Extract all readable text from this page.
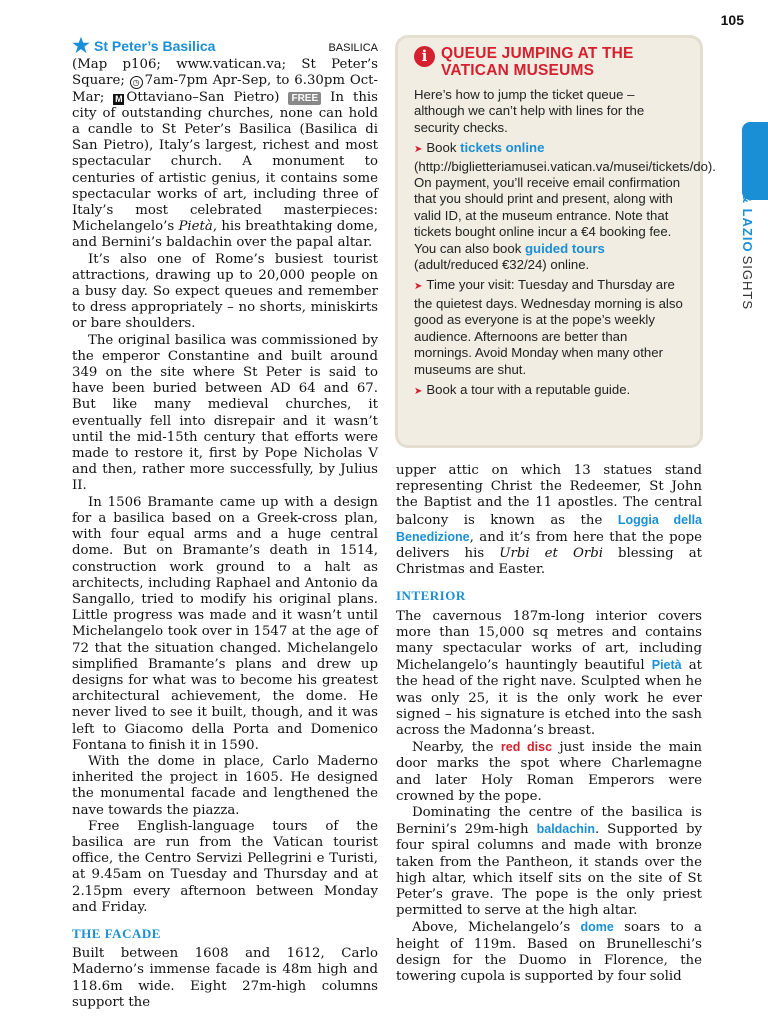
105
ROME & LAZIOSIGHTS
St Peter’s Basilica	BASILICA

(Map p106; www.vatican.va; St Peter’s Square; ◷ 7am-7pm Apr-Sep, to 6.30pm Oct-Mar; M Ottaviano–San Pietro) FREE In this city of outstanding churches, none can hold a candle to St Peter’s Basilica (Basilica di San Pietro), Italy’s largest, richest and most spectacular church. A monument to centuries of artistic genius, it contains some spectacular works of art, including three of Italy’s most celebrated masterpieces: Michelangelo’s Pietà, his breathtaking dome, and Bernini’s baldachin over the papal altar.

It’s also one of Rome’s busiest tourist attractions, drawing up to 20,000 people on a busy day. So expect queues and remember to dress appropriately – no shorts, miniskirts or bare shoulders.

The original basilica was commissioned by the emperor Constantine and built around 349 on the site where St Peter is said to have been buried between AD 64 and 67. But like many medieval churches, it eventually fell into disrepair and it wasn’t until the mid-15th century that efforts were made to restore it, first by Pope Nicholas V and then, rather more successfully, by Julius II.

In 1506 Bramante came up with a design for a basilica based on a Greek-cross plan, with four equal arms and a huge central dome. But on Bramante’s death in 1514, construction work ground to a halt as architects, including Raphael and Antonio da Sangallo, tried to modify his original plans. Little progress was made and it wasn’t until Michelangelo took over in 1547 at the age of 72 that the situation changed. Michelangelo simplified Bramante’s plans and drew up designs for what was to become his greatest architectural achievement, the dome. He never lived to see it built, though, and it was left to Giacomo della Porta and Domenico Fontana to finish it in 1590.

With the dome in place, Carlo Maderno inherited the project in 1605. He designed the monumental facade and lengthened the nave towards the piazza.

Free English-language tours of the basilica are run from the Vatican tourist office, the Centro Servizi Pellegrini e Turisti, at 9.45am on Tuesday and Thursday and at 2.15pm every afternoon between Monday and Friday.

THE FACADE

Built between 1608 and 1612, Carlo Maderno’s immense facade is 48m high and 118.6m wide. Eight 27m-high columns support the

i QUEUE JUMPING AT THE VATICAN MUSEUMS

Here’s how to jump the ticket queue – although we can’t help with lines for the security checks.

➤ Book tickets online (http://biglietteriamusei.vatican.va/musei/tickets/do). On payment, you’ll receive email confirmation that you should print and present, along with valid ID, at the museum entrance. Note that tickets bought online incur a €4 booking fee. You can also book guided tours (adult/reduced €32/24) online.

➤ Time your visit: Tuesday and Thursday are the quietest days. Wednesday morning is also good as everyone is at the pope’s weekly audience. Afternoons are better than mornings. Avoid Monday when many other museums are shut.

➤ Book a tour with a reputable guide.

upper attic on which 13 statues stand representing Christ the Redeemer, St John the Baptist and the 11 apostles. The central balcony is known as the Loggia della Benedizione, and it’s from here that the pope delivers his Urbi et Orbi blessing at Christmas and Easter.

INTERIOR

The cavernous 187m-long interior covers more than 15,000 sq metres and contains many spectacular works of art, including Michelangelo’s hauntingly beautiful Pietà at the head of the right nave. Sculpted when he was only 25, it is the only work he ever signed – his signature is etched into the sash across the Madonna’s breast.

Nearby, the red disc just inside the main door marks the spot where Charlemagne and later Holy Roman Emperors were crowned by the pope.

Dominating the centre of the basilica is Bernini’s 29m-high baldachin. Supported by four spiral columns and made with bronze taken from the Pantheon, it stands over the high altar, which itself sits on the site of St Peter’s grave. The pope is the only priest permitted to serve at the high altar.

Above, Michelangelo’s dome soars to a height of 119m. Based on Brunelleschi’s design for the Duomo in Florence, the towering cupola is supported by four solid
